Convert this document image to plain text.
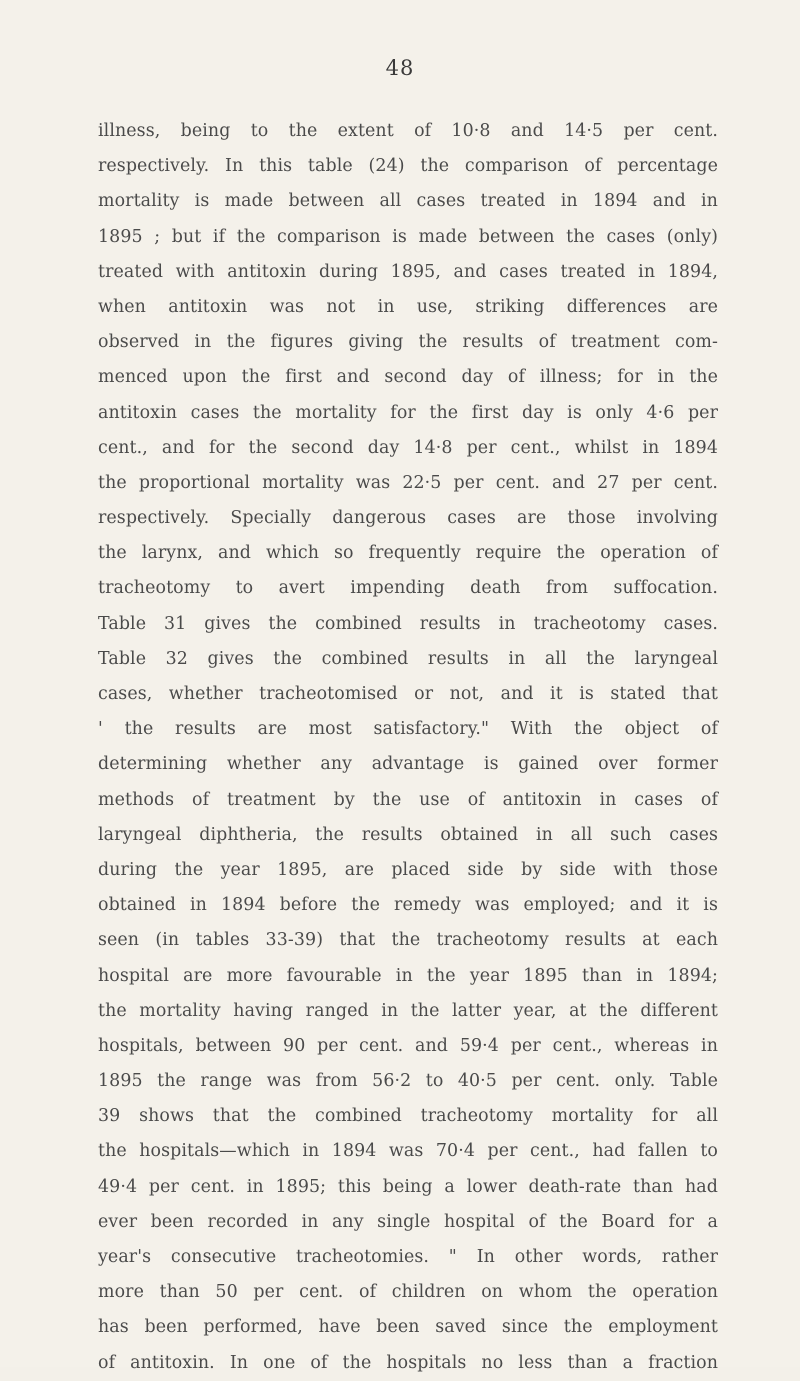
48
illness, being to the extent of 10·8 and 14·5 per cent.
respectively. In this table (24) the comparison of percentage
mortality is made between all cases treated in 1894 and in
1895 ; but if the comparison is made between the cases (only)
treated with antitoxin during 1895, and cases treated in 1894,
when antitoxin was not in use, striking differences are
observed in the figures giving the results of treatment com-
menced upon the first and second day of illness; for in the
antitoxin cases the mortality for the first day is only 4·6 per
cent., and for the second day 14·8 per cent., whilst in 1894
the proportional mortality was 22·5 per cent. and 27 per cent.
respectively. Specially dangerous cases are those involving
the larynx, and which so frequently require the operation of
tracheotomy to avert impending death from suffocation.
Table 31 gives the combined results in tracheotomy cases.
Table 32 gives the combined results in all the laryngeal
cases, whether tracheotomised or not, and it is stated that
' the results are most satisfactory." With the object of
determining whether any advantage is gained over former
methods of treatment by the use of antitoxin in cases of
laryngeal diphtheria, the results obtained in all such cases
during the year 1895, are placed side by side with those
obtained in 1894 before the remedy was employed; and it is
seen (in tables 33-39) that the tracheotomy results at each
hospital are more favourable in the year 1895 than in 1894;
the mortality having ranged in the latter year, at the different
hospitals, between 90 per cent. and 59·4 per cent., whereas in
1895 the range was from 56·2 to 40·5 per cent. only. Table
39 shows that the combined tracheotomy mortality for all
the hospitals—which in 1894 was 70·4 per cent., had fallen to
49·4 per cent. in 1895; this being a lower death-rate than had
ever been recorded in any single hospital of the Board for a
year's consecutive tracheotomies. " In other words, rather
more than 50 per cent. of children on whom the operation
has been performed, have been saved since the employment
of antitoxin. In one of the hospitals no less than a fraction
